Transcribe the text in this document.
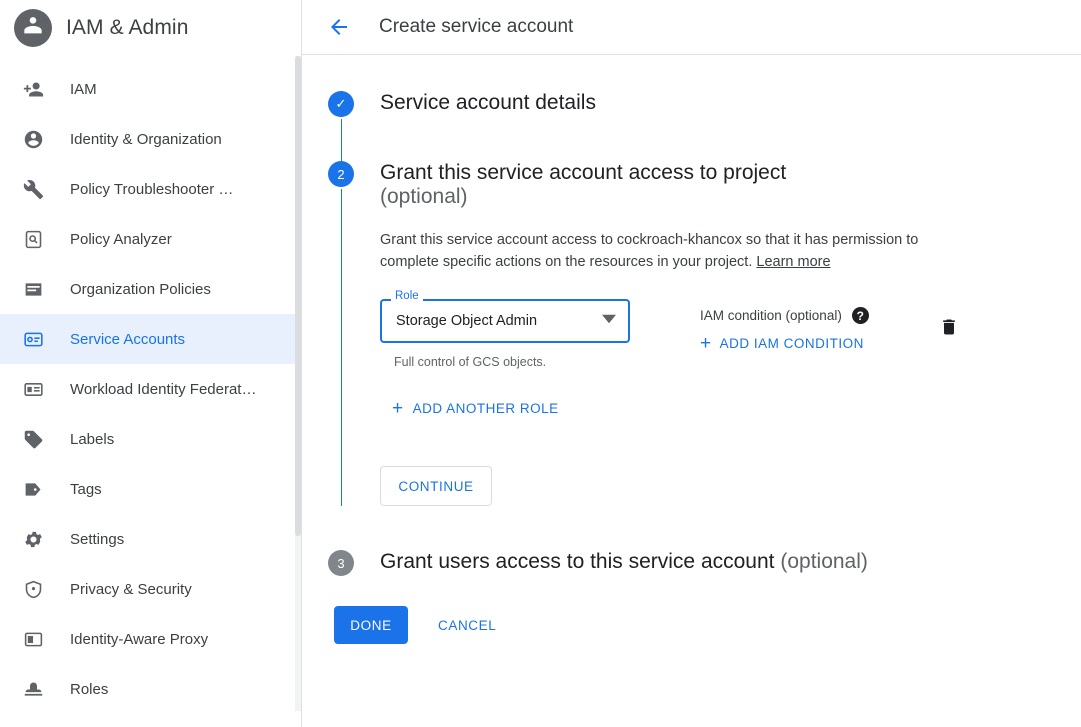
IAM & Admin
IAM
Identity & Organization
Policy Troubleshooter …
Policy Analyzer
Organization Policies
Service Accounts
Workload Identity Federat…
Labels
Tags
Settings
Privacy & Security
Identity-Aware Proxy
Roles
Create service account
✓	Service account details
2	Grant this service account access to project
(optional)
Grant this service account access to cockroach-khancox so that it has permission to complete specific actions on the resources in your project. Learn more
Role
Storage Object Admin
Full control of GCS objects.
IAM condition (optional)	?
+ ADD IAM CONDITION
+ ADD ANOTHER ROLE
CONTINUE
3	Grant users access to this service account (optional)
DONE	CANCEL
